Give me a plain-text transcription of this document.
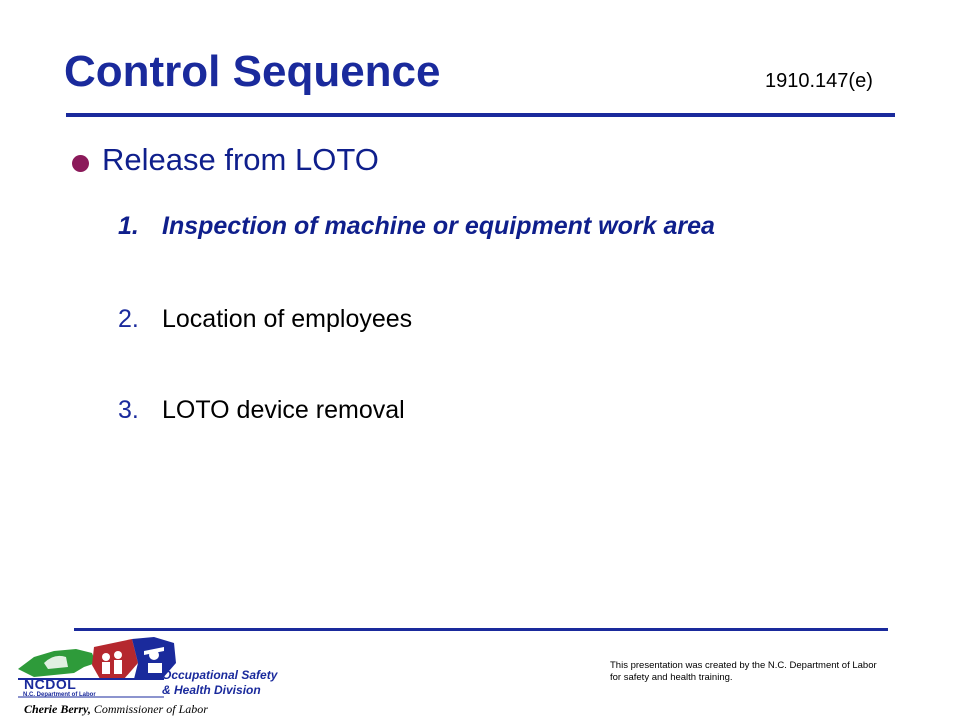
Control Sequence	1910.147(e)
Release from LOTO
1. Inspection of machine or equipment work area
2. Location of employees
3. LOTO device removal
NCDOL
N.C. Department of Labor
Occupational Safety
& Health Division
Cherie Berry, Commissioner of Labor
This presentation was created by the N.C. Department of Labor for safety and health training.
